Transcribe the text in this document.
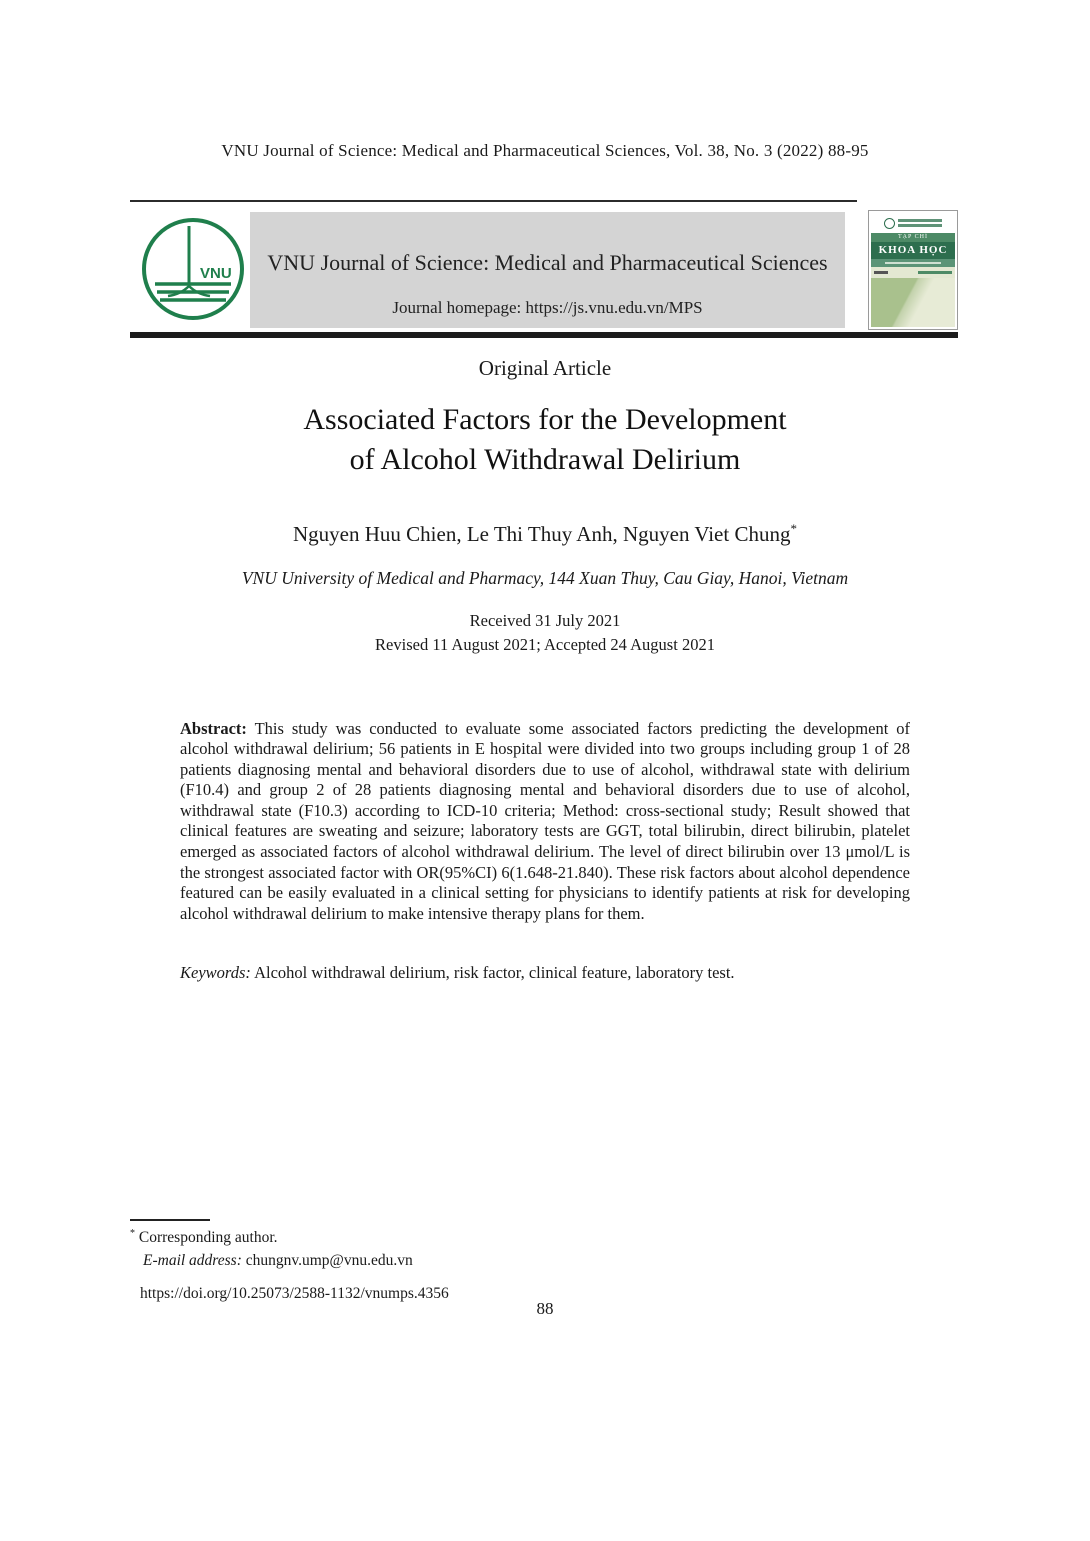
VNU Journal of Science: Medical and Pharmaceutical Sciences, Vol. 38, No. 3 (2022) 88-95
VNU	VNU Journal of Science: Medical and Pharmaceutical Sciences
Journal homepage: https://js.vnu.edu.vn/MPS
TẠP CHÍ
KHOA HỌC
Original Article
Associated Factors for the Development
of Alcohol Withdrawal Delirium
Nguyen Huu Chien, Le Thi Thuy Anh, Nguyen Viet Chung*
VNU University of Medical and Pharmacy, 144 Xuan Thuy, Cau Giay, Hanoi, Vietnam
Received 31 July 2021
Revised 11 August 2021; Accepted 24 August 2021

Abstract: This study was conducted to evaluate some associated factors predicting the development of alcohol withdrawal delirium; 56 patients in E hospital were divided into two groups including group 1 of 28 patients diagnosing mental and behavioral disorders due to use of alcohol, withdrawal state with delirium (F10.4) and group 2 of 28 patients diagnosing mental and behavioral disorders due to use of alcohol, withdrawal state (F10.3) according to ICD-10 criteria; Method: cross-sectional study; Result showed that clinical features are sweating and seizure; laboratory tests are GGT, total bilirubin, direct bilirubin, platelet emerged as associated factors of alcohol withdrawal delirium. The level of direct bilirubin over 13 μmol/L is the strongest associated factor with OR(95%CI) 6(1.648-21.840). These risk factors about alcohol dependence featured can be easily evaluated in a clinical setting for physicians to identify patients at risk for developing alcohol withdrawal delirium to make intensive therapy plans for them.

Keywords: Alcohol withdrawal delirium, risk factor, clinical feature, laboratory test.

* Corresponding author.
E-mail address: chungnv.ump@vnu.edu.vn
https://doi.org/10.25073/2588-1132/vnumps.4356
88
